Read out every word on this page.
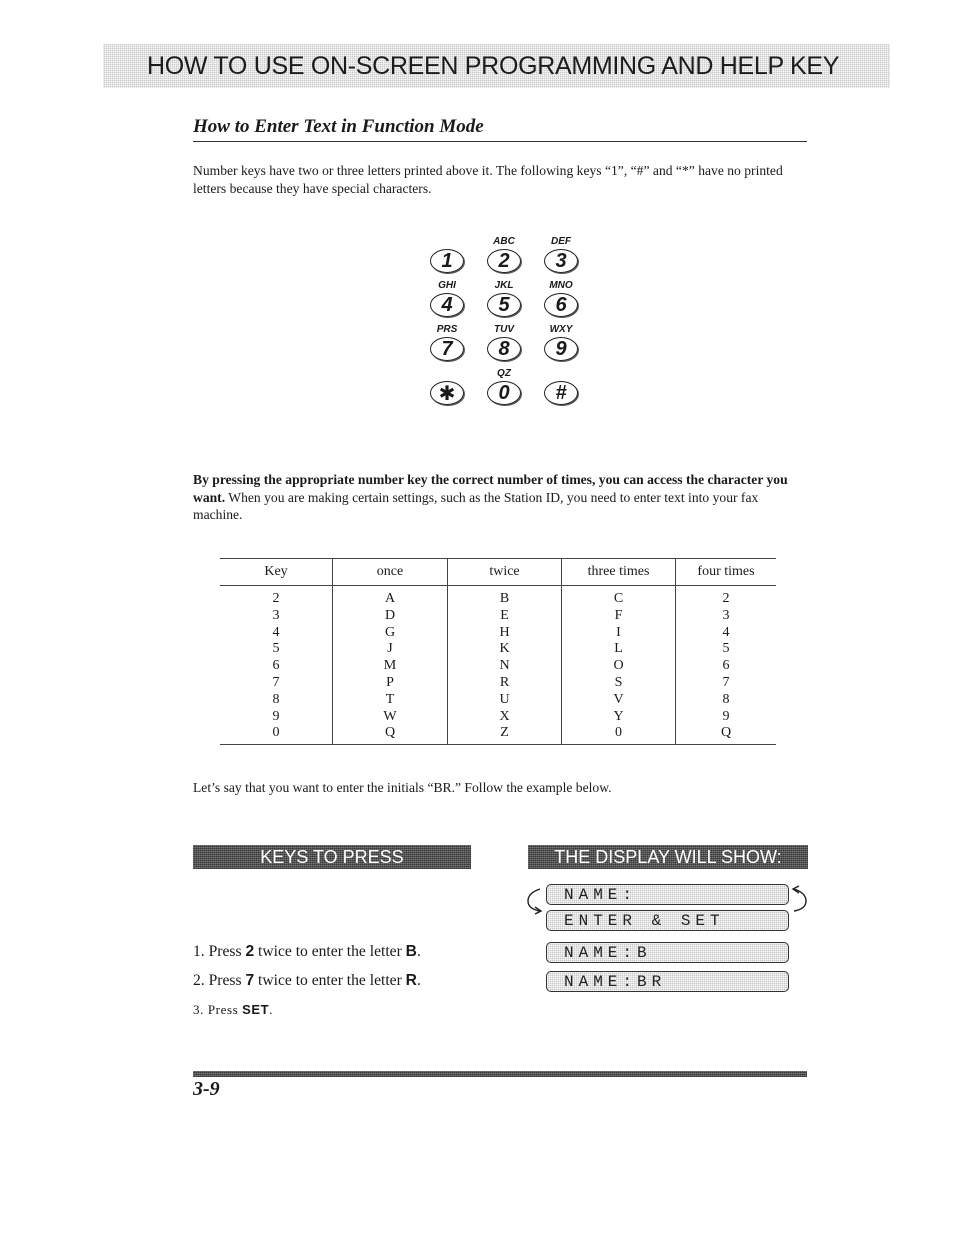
HOW TO USE ON-SCREEN PROGRAMMING AND HELP KEY
How to Enter Text in Function Mode
Number keys have two or three letters printed above it. The following keys “1”, “#” and “*” have no printed letters because they have special characters.
1
ABC
2
DEF
3
GHI
4
JKL
5
MNO
6
PRS
7
TUV
8
WXY
9
✱
QZ
0	#
By pressing the appropriate number key the correct number of times, you can access the character you want. When you are making certain settings, such as the Station ID, you need to enter text into your fax machine.
Key	once	twice	three times	four times
2	A	B	C	2
3	D	E	F	3
4	G	H	I	4
5	J	K	L	5
6	M	N	O	6
7	P	R	S	7
8	T	U	V	8
9	W	X	Y	9
0	Q	Z	0	Q
Let’s say that you want to enter the initials “BR.” Follow the example below.
KEYS TO PRESS	THE DISPLAY WILL SHOW:
1. Press 2 twice to enter the letter B.
2. Press 7 twice to enter the letter R.
3. Press SET.
NAME:
ENTER & SET
NAME:B
NAME:BR
3-9
